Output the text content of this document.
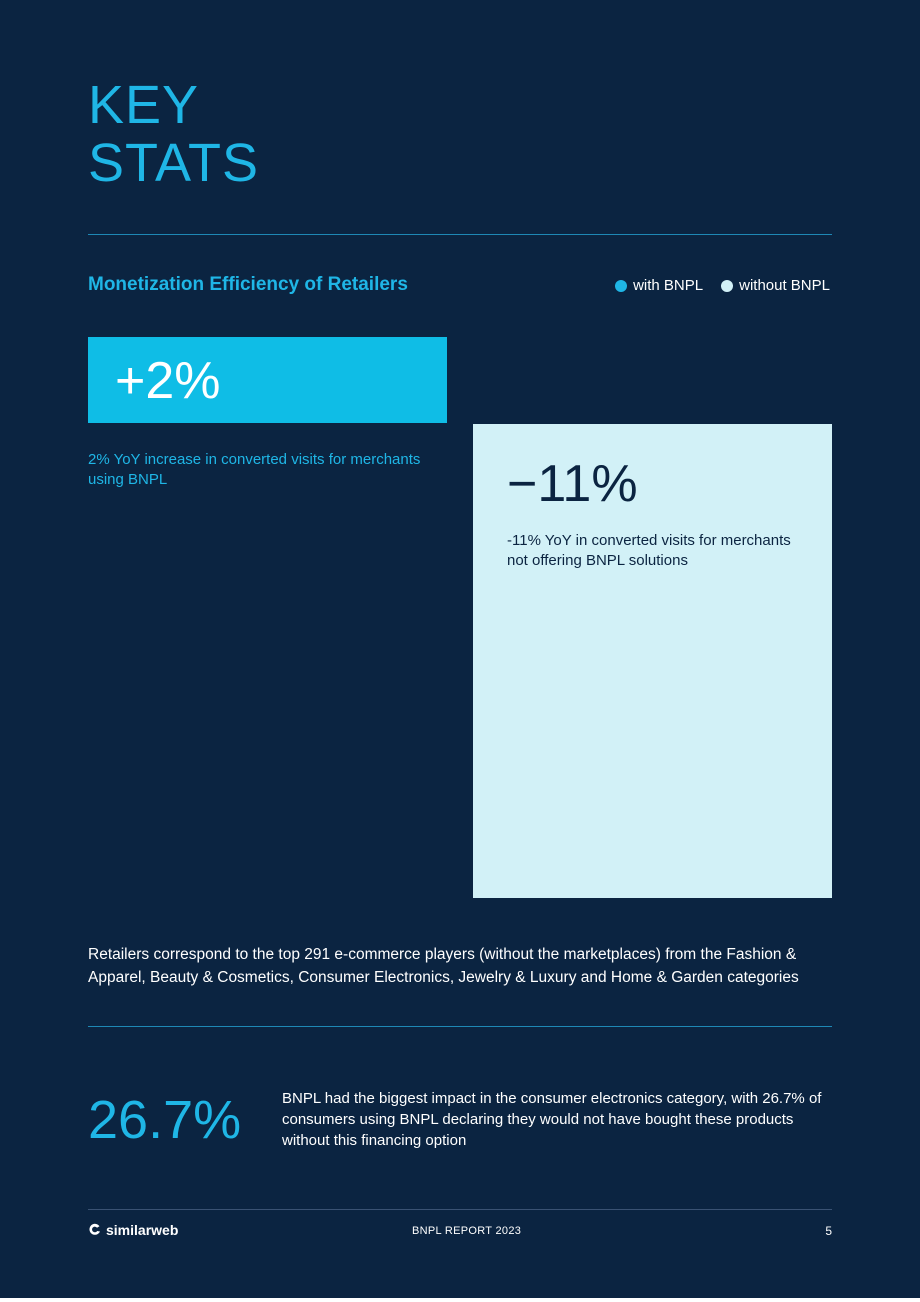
KEY
STATS
Monetization Efficiency of Retailers	with BNPL without BNPL
+2%
2% YoY increase in converted visits for merchants using BNPL	−11%
-11% YoY in converted visits for merchants not offering BNPL solutions
Retailers correspond to the top 291 e-commerce players (without the marketplaces) from the Fashion & Apparel, Beauty & Cosmetics, Consumer Electronics, Jewelry & Luxury and Home & Garden categories
26.7%	BNPL had the biggest impact in the consumer electronics category, with 26.7% of consumers using BNPL declaring they would not have bought these products without this financing option
similarweb	BNPL REPORT 2023	5
